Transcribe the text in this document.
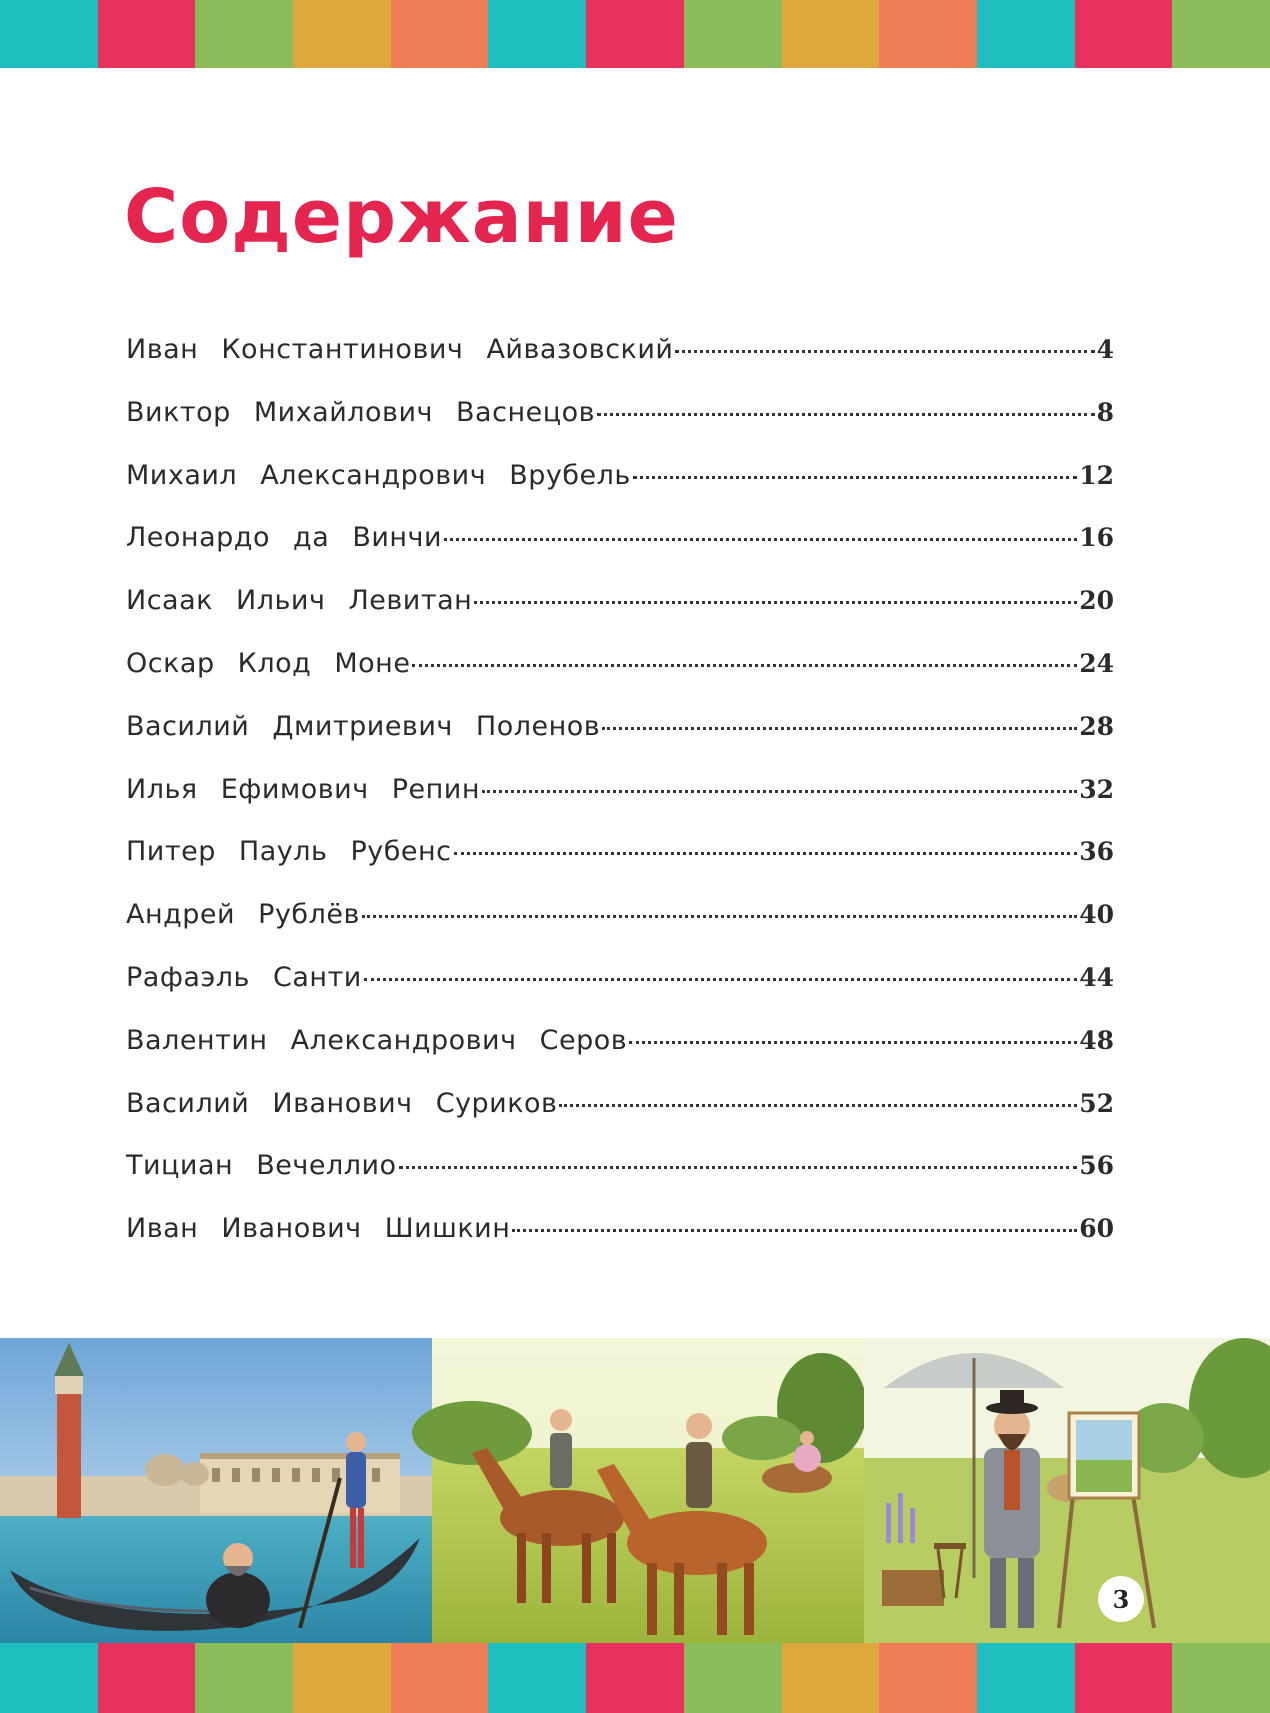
Содержание
Иван Константинович Айвазовский	4
Виктор Михайлович Васнецов	8
Михаил Александрович Врубель	12
Леонардо да Винчи	16
Исаак Ильич Левитан	20
Оскар Клод Моне	24
Василий Дмитриевич Поленов	28
Илья Ефимович Репин	32
Питер Пауль Рубенс	36
Андрей Рублёв	40
Рафаэль Санти	44
Валентин Александрович Серов	48
Василий Иванович Суриков	52
Тициан Вечеллио	56
Иван Иванович Шишкин	60
3
